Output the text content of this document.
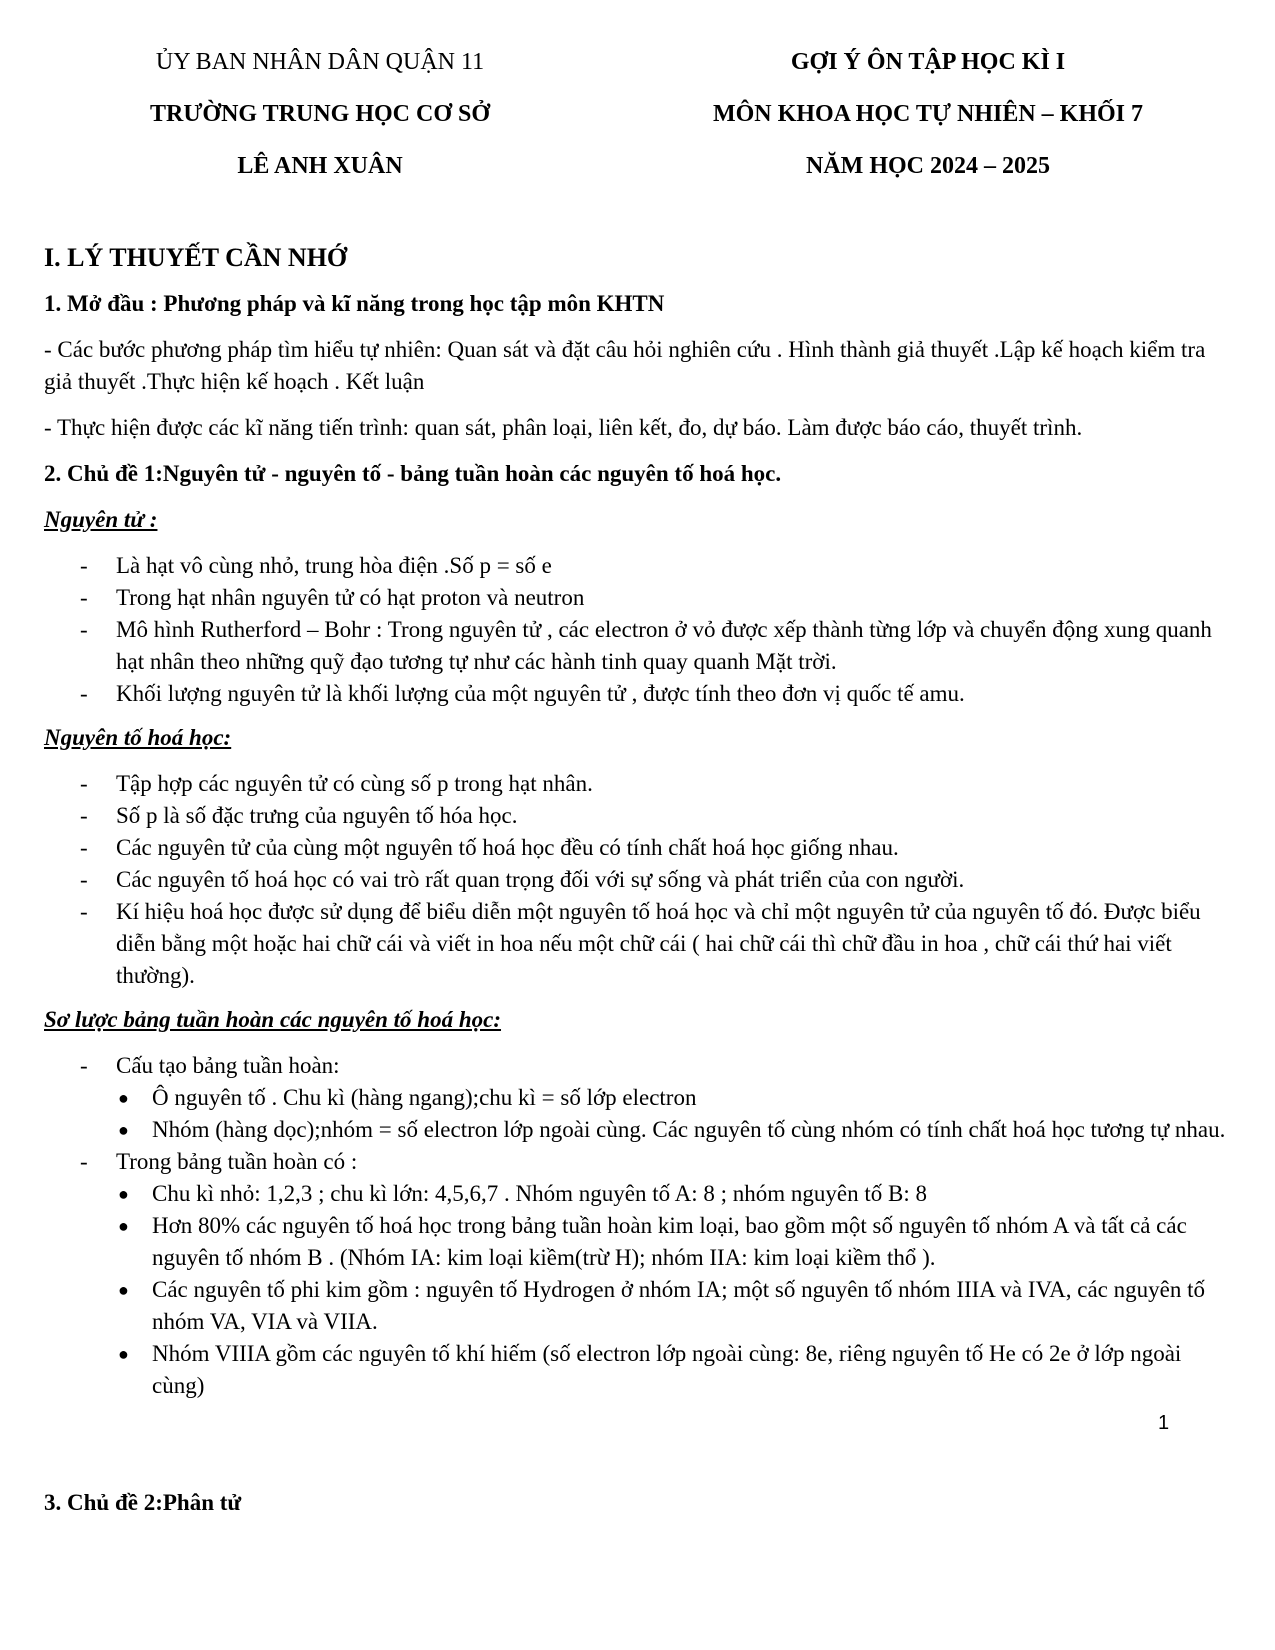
ỦY BAN NHÂN DÂN QUẬN 11
TRƯỜNG TRUNG HỌC CƠ SỞ
LÊ ANH XUÂN
GỢI Ý ÔN TẬP HỌC KÌ I
MÔN KHOA HỌC TỰ NHIÊN – KHỐI 7
NĂM HỌC 2024 – 2025
I. LÝ THUYẾT CẦN NHỚ
1. Mở đầu : Phương pháp và kĩ năng trong học tập môn KHTN
- Các bước phương pháp tìm hiểu tự nhiên: Quan sát và đặt câu hỏi nghiên cứu . Hình thành giả thuyết .Lập kế hoạch kiểm tra giả thuyết .Thực hiện kế hoạch . Kết luận
- Thực hiện được các kĩ năng tiến trình: quan sát, phân loại, liên kết, đo, dự báo. Làm được báo cáo, thuyết trình.
2. Chủ đề 1:Nguyên tử - nguyên tố - bảng tuần hoàn các nguyên tố hoá học.
Nguyên tử :
- Là hạt vô cùng nhỏ, trung hòa điện .Số p = số e
- Trong hạt nhân nguyên tử có hạt proton và neutron
- Mô hình Rutherford – Bohr : Trong nguyên tử , các electron ở vỏ được xếp thành từng lớp và chuyển động xung quanh hạt nhân theo những quỹ đạo tương tự như các hành tinh quay quanh Mặt trời.
- Khối lượng nguyên tử là khối lượng của một nguyên tử , được tính theo đơn vị quốc tế amu.
Nguyên tố hoá học:
- Tập hợp các nguyên tử có cùng số p trong hạt nhân.
- Số p là số đặc trưng của nguyên tố hóa học.
- Các nguyên tử của cùng một nguyên tố hoá học đều có tính chất hoá học giống nhau.
- Các nguyên tố hoá học có vai trò rất quan trọng đối với sự sống và phát triển của con người.
- Kí hiệu hoá học được sử dụng để biểu diễn một nguyên tố hoá học và chỉ một nguyên tử của nguyên tố đó. Được biểu diễn bằng một hoặc hai chữ cái và viết in hoa nếu một chữ cái ( hai chữ cái thì chữ đầu in hoa , chữ cái thứ hai viết thường).
Sơ lược bảng tuần hoàn các nguyên tố hoá học:
- Cấu tạo bảng tuần hoàn:
● Ô nguyên tố . Chu kì (hàng ngang);chu kì = số lớp electron
● Nhóm (hàng dọc);nhóm = số electron lớp ngoài cùng. Các nguyên tố cùng nhóm có tính chất hoá học tương tự nhau.
- Trong bảng tuần hoàn có :
● Chu kì nhỏ: 1,2,3 ; chu kì lớn: 4,5,6,7 . Nhóm nguyên tố A: 8 ; nhóm nguyên tố B: 8
● Hơn 80% các nguyên tố hoá học trong bảng tuần hoàn kim loại, bao gồm một số nguyên tố nhóm A và tất cả các nguyên tố nhóm B . (Nhóm IA: kim loại kiềm(trừ H); nhóm IIA: kim loại kiềm thổ ).
● Các nguyên tố phi kim gồm : nguyên tố Hydrogen ở nhóm IA; một số nguyên tố nhóm IIIA và IVA, các nguyên tố nhóm VA, VIA và VIIA.
● Nhóm VIIIA gồm các nguyên tố khí hiếm (số electron lớp ngoài cùng: 8e, riêng nguyên tố He có 2e ở lớp ngoài cùng)
1
3. Chủ đề 2:Phân tử
